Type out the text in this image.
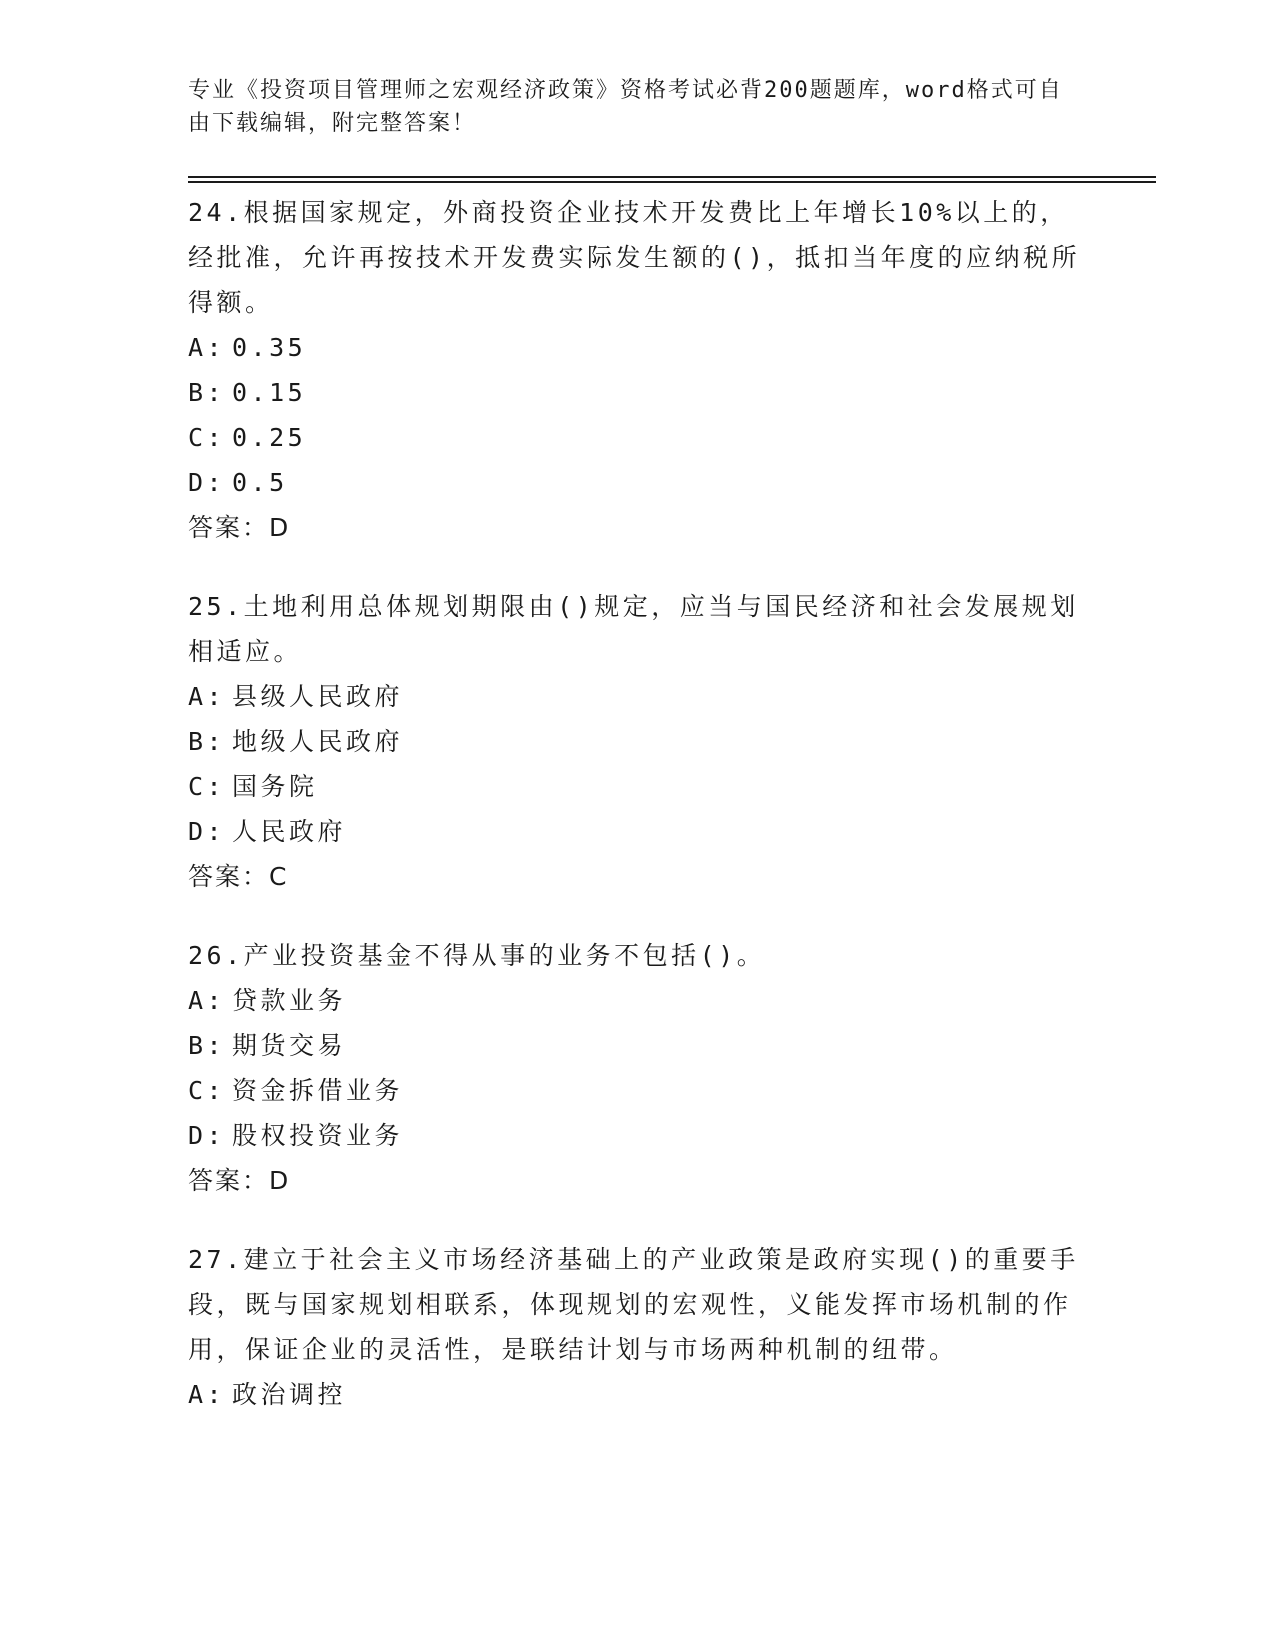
专业《投资项目管理师之宏观经济政策》资格考试必背200题题库，word格式可自由下载编辑，附完整答案！

24.根据国家规定，外商投资企业技术开发费比上年增长10%以上的，经批准，允许再按技术开发费实际发生额的()，抵扣当年度的应纳税所得额。

A: 0.35

B: 0.15

C: 0.25

D: 0.5

答案：D

25.土地利用总体规划期限由()规定，应当与国民经济和社会发展规划相适应。

A: 县级人民政府

B: 地级人民政府

C: 国务院

D: 人民政府

答案：C

26.产业投资基金不得从事的业务不包括()。

A: 贷款业务

B: 期货交易

C: 资金拆借业务

D: 股权投资业务

答案：D

27.建立于社会主义市场经济基础上的产业政策是政府实现()的重要手段，既与国家规划相联系，体现规划的宏观性，义能发挥市场机制的作用，保证企业的灵活性，是联结计划与市场两种机制的纽带。

A: 政治调控
